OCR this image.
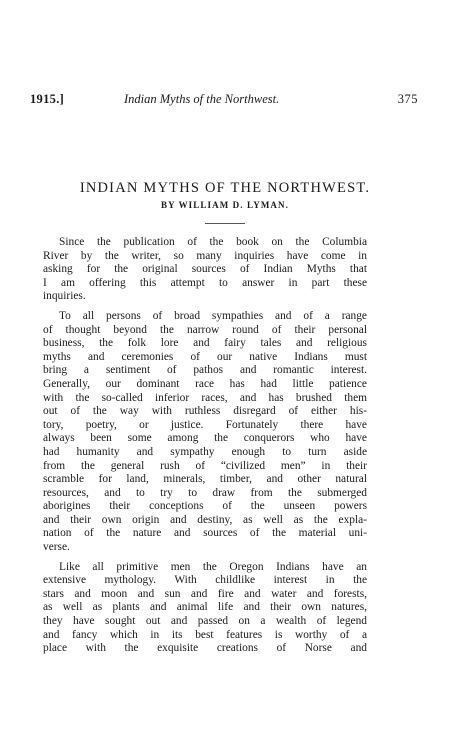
1915.]	Indian Myths of the Northwest.	375
INDIAN MYTHS OF THE NORTHWEST.
BY WILLIAM D. LYMAN.
Since the publication of the book on the Columbia
River by the writer, so many inquiries have come in
asking for the original sources of Indian Myths that
I am offering this attempt to answer in part these
inquiries.
To all persons of broad sympathies and of a range
of thought beyond the narrow round of their personal
business, the folk lore and fairy tales and religious
myths and ceremonies of our native Indians must
bring a sentiment of pathos and romantic interest.
Generally, our dominant race has had little patience
with the so-called inferior races, and has brushed them
out of the way with ruthless disregard of either his-
tory, poetry, or justice. Fortunately there have
always been some among the conquerors who have
had humanity and sympathy enough to turn aside
from the general rush of “civilized men” in their
scramble for land, minerals, timber, and other natural
resources, and to try to draw from the submerged
aborigines their conceptions of the unseen powers
and their own origin and destiny, as well as the expla-
nation of the nature and sources of the material uni-
verse.
Like all primitive men the Oregon Indians have an
extensive mythology. With childlike interest in the
stars and moon and sun and fire and water and forests,
as well as plants and animal life and their own natures,
they have sought out and passed on a wealth of legend
and fancy which in its best features is worthy of a
place with the exquisite creations of Norse and
